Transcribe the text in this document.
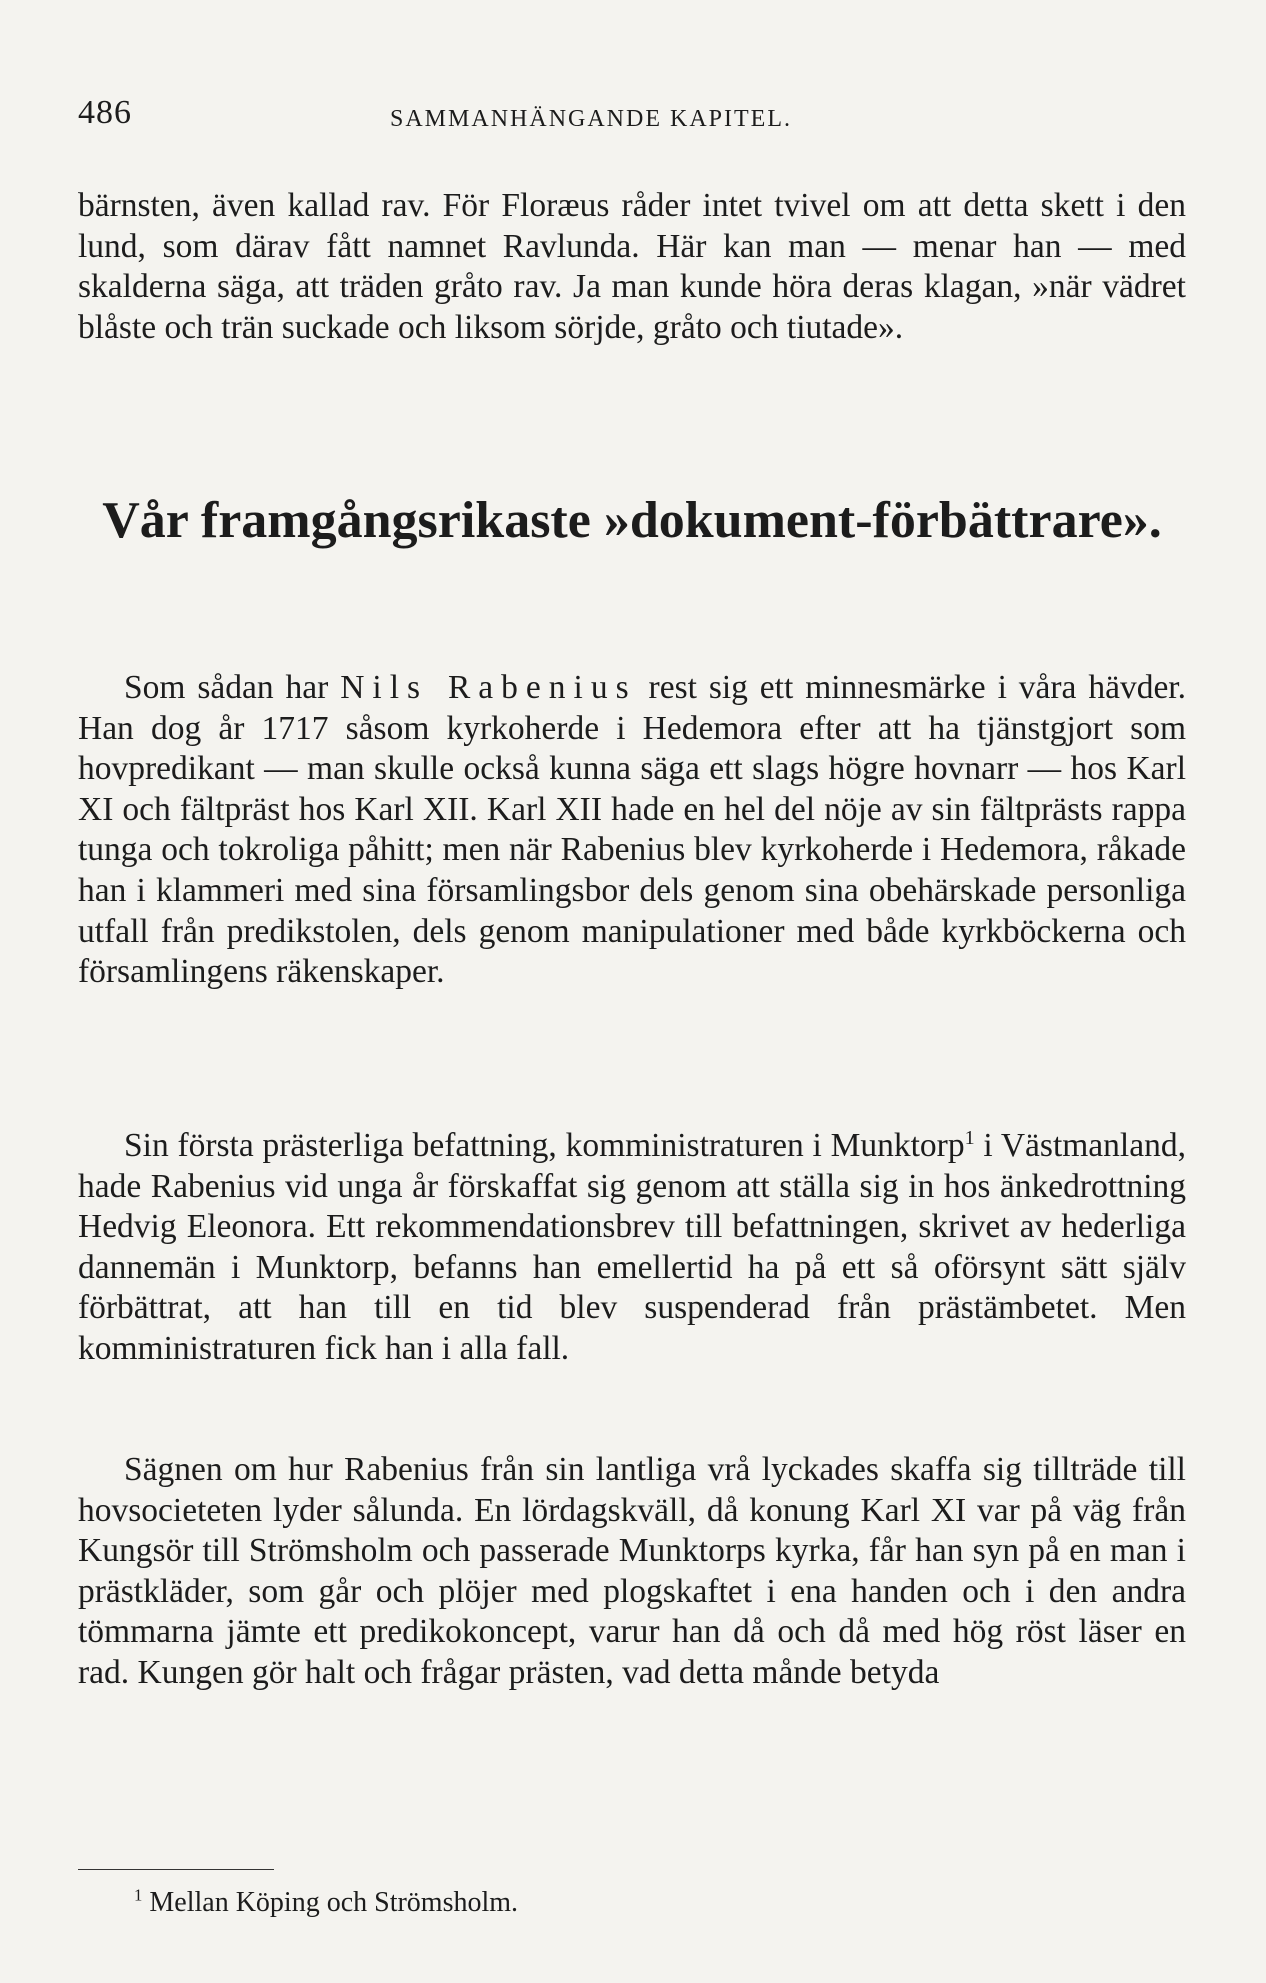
486	SAMMANHÄNGANDE KAPITEL.

bärnsten, även kallad rav. För Floræus råder intet tvivel om att detta skett i den lund, som därav fått namnet Ravlunda. Här kan man — menar han — med skalderna säga, att träden gråto rav. Ja man kunde höra deras klagan, »när vädret blåste och trän suckade och liksom sörjde, gråto och tiutade».

Vår framgångsrikaste »dokument-förbättrare».

Som sådan har Nils Rabenius rest sig ett minnesmärke i våra hävder. Han dog år 1717 såsom kyrkoherde i Hedemora efter att ha tjänstgjort som hovpredikant — man skulle också kunna säga ett slags högre hovnarr — hos Karl XI och fältpräst hos Karl XII. Karl XII hade en hel del nöje av sin fältprästs rappa tunga och tokroliga påhitt; men när Rabenius blev kyrkoherde i Hedemora, råkade han i klammeri med sina församlingsbor dels genom sina obehärskade personliga utfall från predikstolen, dels genom manipulationer med både kyrkböckerna och församlingens räkenskaper.

Sin första prästerliga befattning, komministraturen i Munktorp$^1$ i Västmanland, hade Rabenius vid unga år förskaffat sig genom att ställa sig in hos änkedrottning Hedvig Eleonora. Ett rekommendationsbrev till befattningen, skrivet av hederliga dannemän i Munktorp, befanns han emellertid ha på ett så oförsynt sätt själv förbättrat, att han till en tid blev suspenderad från prästämbetet. Men komministraturen fick han i alla fall.

Sägnen om hur Rabenius från sin lantliga vrå lyckades skaffa sig tillträde till hovsocieteten lyder sålunda. En lördagskväll, då konung Karl XI var på väg från Kungsör till Strömsholm och passerade Munktorps kyrka, får han syn på en man i prästkläder, som går och plöjer med plogskaftet i ena handen och i den andra tömmarna jämte ett predikokoncept, varur han då och då med hög röst läser en rad. Kungen gör halt och frågar prästen, vad detta månde betyda

$^1$ Mellan Köping och Strömsholm.
